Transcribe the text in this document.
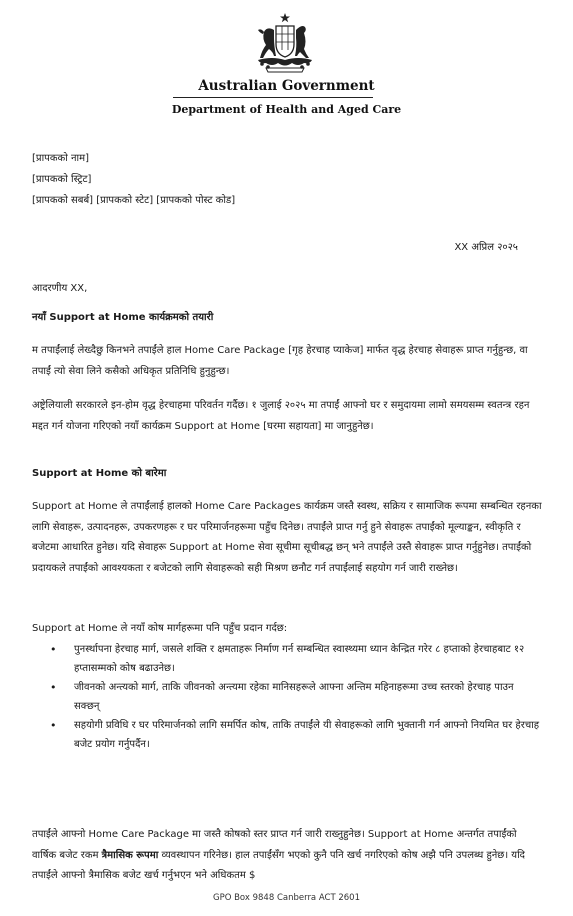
Australian Government
Department of Health and Aged Care
[प्रापकको नाम]
[प्रापकको स्ट्रिट]
[प्रापकको सबर्ब] [प्रापकको स्टेट] [प्रापकको पोस्ट कोड]
XX अप्रिल २०२५
आदरणीय XX,
नयाँ Support at Home कार्यक्रमको तयारी
म तपाईंलाई लेख्दैछु किनभने तपाईंले हाल Home Care Package [गृह हेरचाह प्याकेज] मार्फत वृद्ध हेरचाह सेवाहरू प्राप्त गर्नुहुन्छ, वा तपाईं त्यो सेवा लिने कसैको अधिकृत प्रतिनिधि हुनुहुन्छ।
अष्ट्रेलियाली सरकारले इन-होम वृद्ध हेरचाहमा परिवर्तन गर्दैछ। १ जुलाई २०२५ मा तपाईं आफ्नो घर र समुदायमा लामो समयसम्म स्वतन्त्र रहन मद्दत गर्न योजना गरिएको नयाँ कार्यक्रम Support at Home [घरमा सहायता] मा जानुहुनेछ।
Support at Home को बारेमा
Support at Home ले तपाईंलाई हालको Home Care Packages कार्यक्रम जस्तै स्वस्थ, सक्रिय र सामाजिक रूपमा सम्बन्धित रहनका लागि सेवाहरू, उत्पादनहरू, उपकरणहरू र घर परिमार्जनहरूमा पहुँच दिनेछ। तपाईंले प्राप्त गर्नु हुने सेवाहरू तपाईंको मूल्याङ्कन, स्वीकृति र बजेटमा आधारित हुनेछ। यदि सेवाहरू Support at Home सेवा सूचीमा सूचीबद्ध छन् भने तपाईंले उस्तै सेवाहरू प्राप्त गर्नुहुनेछ। तपाईंको प्रदायकले तपाईंको आवश्यकता र बजेटको लागि सेवाहरूको सही मिश्रण छनौट गर्न तपाईंलाई सहयोग गर्न जारी राख्नेछ।
Support at Home ले नयाँ कोष मार्गहरूमा पनि पहुँच प्रदान गर्दछ:
• पुनर्स्थापना हेरचाह मार्ग, जसले शक्ति र क्षमताहरू निर्माण गर्न सम्बन्धित स्वास्थ्यमा ध्यान केन्द्रित गरेर ८ हप्ताको हेरचाहबाट १२ हप्तासम्मको कोष बढाउनेछ।
• जीवनको अन्त्यको मार्ग, ताकि जीवनको अन्त्यमा रहेका मानिसहरूले आफ्ना अन्तिम महिनाहरूमा उच्च स्तरको हेरचाह पाउन सक्छन्
• सहयोगी प्रविधि र घर परिमार्जनको लागि समर्पित कोष, ताकि तपाईंले यी सेवाहरूको लागि भुक्तानी गर्न आफ्नो नियमित घर हेरचाह बजेट प्रयोग गर्नुपर्दैन।
तपाईंले आफ्नो Home Care Package मा जस्तै कोषको स्तर प्राप्त गर्न जारी राख्नुहुनेछ। Support at Home अन्तर्गत तपाईंको वार्षिक बजेट रकम त्रैमासिक रूपमा व्यवस्थापन गरिनेछ। हाल तपाईंसँग भएको कुनै पनि खर्च नगरिएको कोष अझै पनि उपलब्ध हुनेछ। यदि तपाईंले आफ्नो त्रैमासिक बजेट खर्च गर्नुभएन भने अधिकतम $
GPO Box 9848 Canberra ACT 2601
